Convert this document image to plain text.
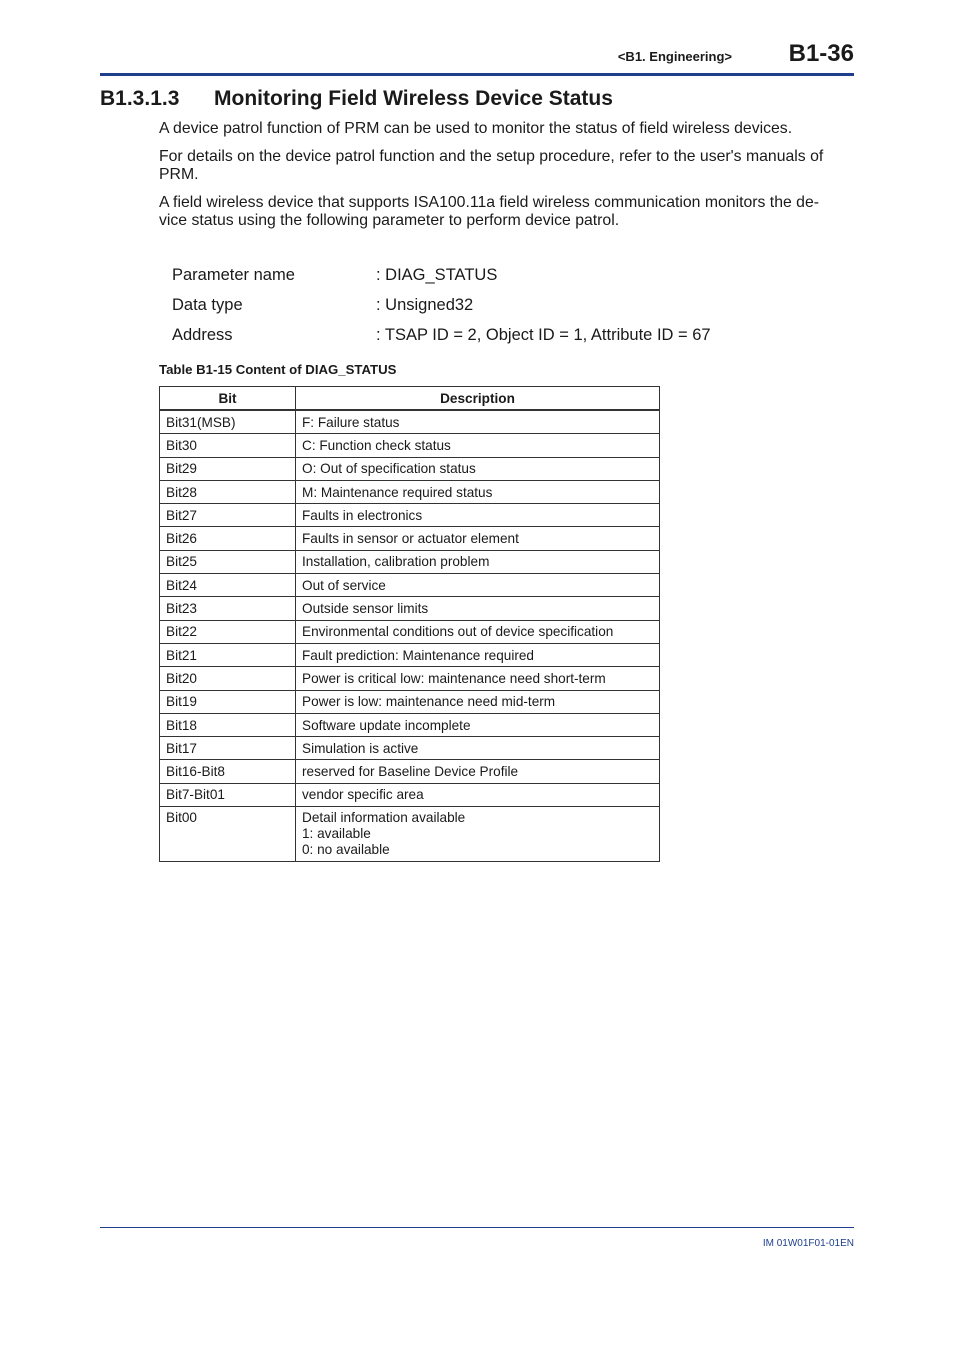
<B1. Engineering> B1-36
B1.3.1.3 Monitoring Field Wireless Device Status
A device patrol function of PRM can be used to monitor the status of field wireless devices.
For details on the device patrol function and the setup procedure, refer to the user's manuals of PRM.
A field wireless device that supports ISA100.11a field wireless communication monitors the de-
vice status using the following parameter to perform device patrol.
Parameter name	: DIAG_STATUS
Data type	: Unsigned32
Address	: TSAP ID = 2, Object ID = 1, Attribute ID = 67
Table B1-15 Content of DIAG_STATUS
Bit	Description
Bit31(MSB)	F: Failure status
Bit30	C: Function check status
Bit29	O: Out of specification status
Bit28	M: Maintenance required status
Bit27	Faults in electronics
Bit26	Faults in sensor or actuator element
Bit25	Installation, calibration problem
Bit24	Out of service
Bit23	Outside sensor limits
Bit22	Environmental conditions out of device specification
Bit21	Fault prediction: Maintenance required
Bit20	Power is critical low: maintenance need short-term
Bit19	Power is low: maintenance need mid-term
Bit18	Software update incomplete
Bit17	Simulation is active
Bit16-Bit8	reserved for Baseline Device Profile
Bit7-Bit01	vendor specific area
Bit00	Detail information available
1: available
0: no available
IM 01W01F01-01EN
